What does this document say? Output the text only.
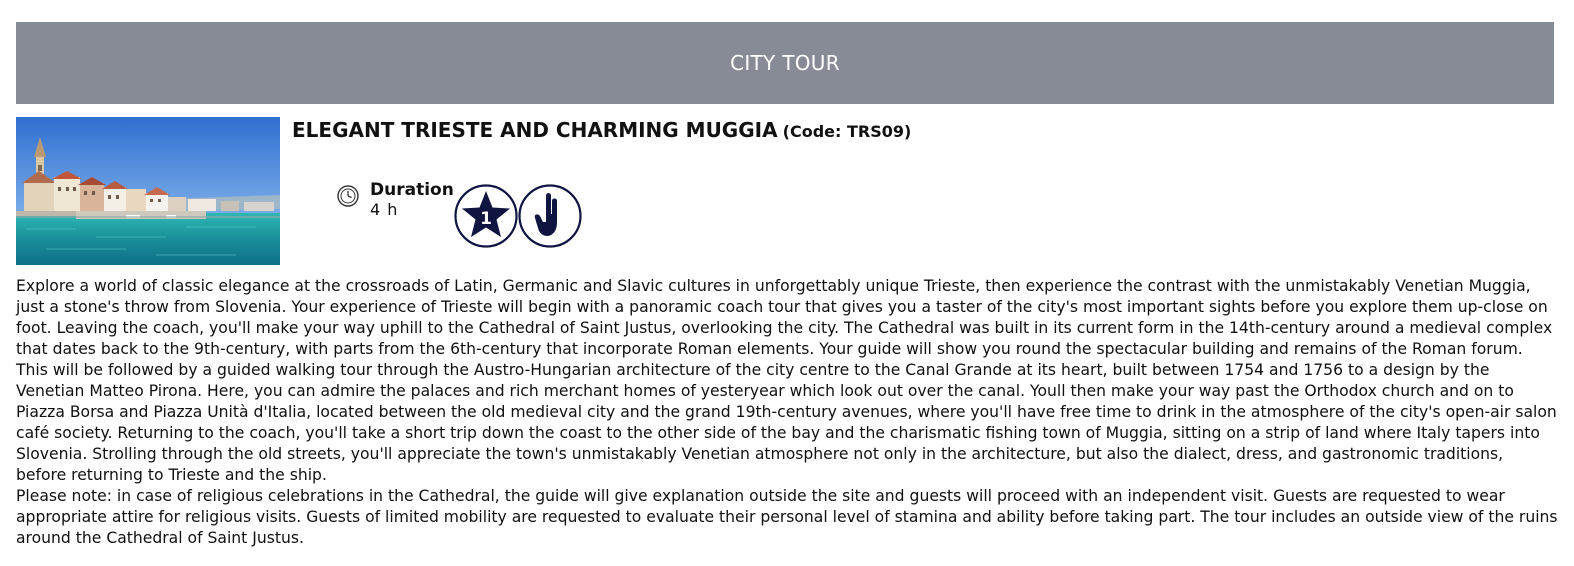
CITY TOUR
ELEGANT TRIESTE AND CHARMING MUGGIA (Code: TRS09)
Duration
4 h	1

Explore a world of classic elegance at the crossroads of Latin, Germanic and Slavic cultures in unforgettably unique Trieste, then experience the contrast with the unmistakably Venetian Muggia, just a stone's throw from Slovenia. Your experience of Trieste will begin with a panoramic coach tour that gives you a taster of the city's most important sights before you explore them up-close on foot. Leaving the coach, you'll make your way uphill to the Cathedral of Saint Justus, overlooking the city. The Cathedral was built in its current form in the 14th-century around a medieval complex that dates back to the 9th-century, with parts from the 6th-century that incorporate Roman elements. Your guide will show you round the spectacular building and remains of the Roman forum. This will be followed by a guided walking tour through the Austro-Hungarian architecture of the city centre to the Canal Grande at its heart, built between 1754 and 1756 to a design by the Venetian Matteo Pirona. Here, you can admire the palaces and rich merchant homes of yesteryear which look out over the canal. Youll then make your way past the Orthodox church and on to Piazza Borsa and Piazza Unità d'Italia, located between the old medieval city and the grand 19th-century avenues, where you'll have free time to drink in the atmosphere of the city's open-air salon café society. Returning to the coach, you'll take a short trip down the coast to the other side of the bay and the charismatic fishing town of Muggia, sitting on a strip of land where Italy tapers into Slovenia. Strolling through the old streets, you'll appreciate the town's unmistakably Venetian atmosphere not only in the architecture, but also the dialect, dress, and gastronomic traditions, before returning to Trieste and the ship.

Please note: in case of religious celebrations in the Cathedral, the guide will give explanation outside the site and guests will proceed with an independent visit. Guests are requested to wear appropriate attire for religious visits. Guests of limited mobility are requested to evaluate their personal level of stamina and ability before taking part. The tour includes an outside view of the ruins around the Cathedral of Saint Justus.
